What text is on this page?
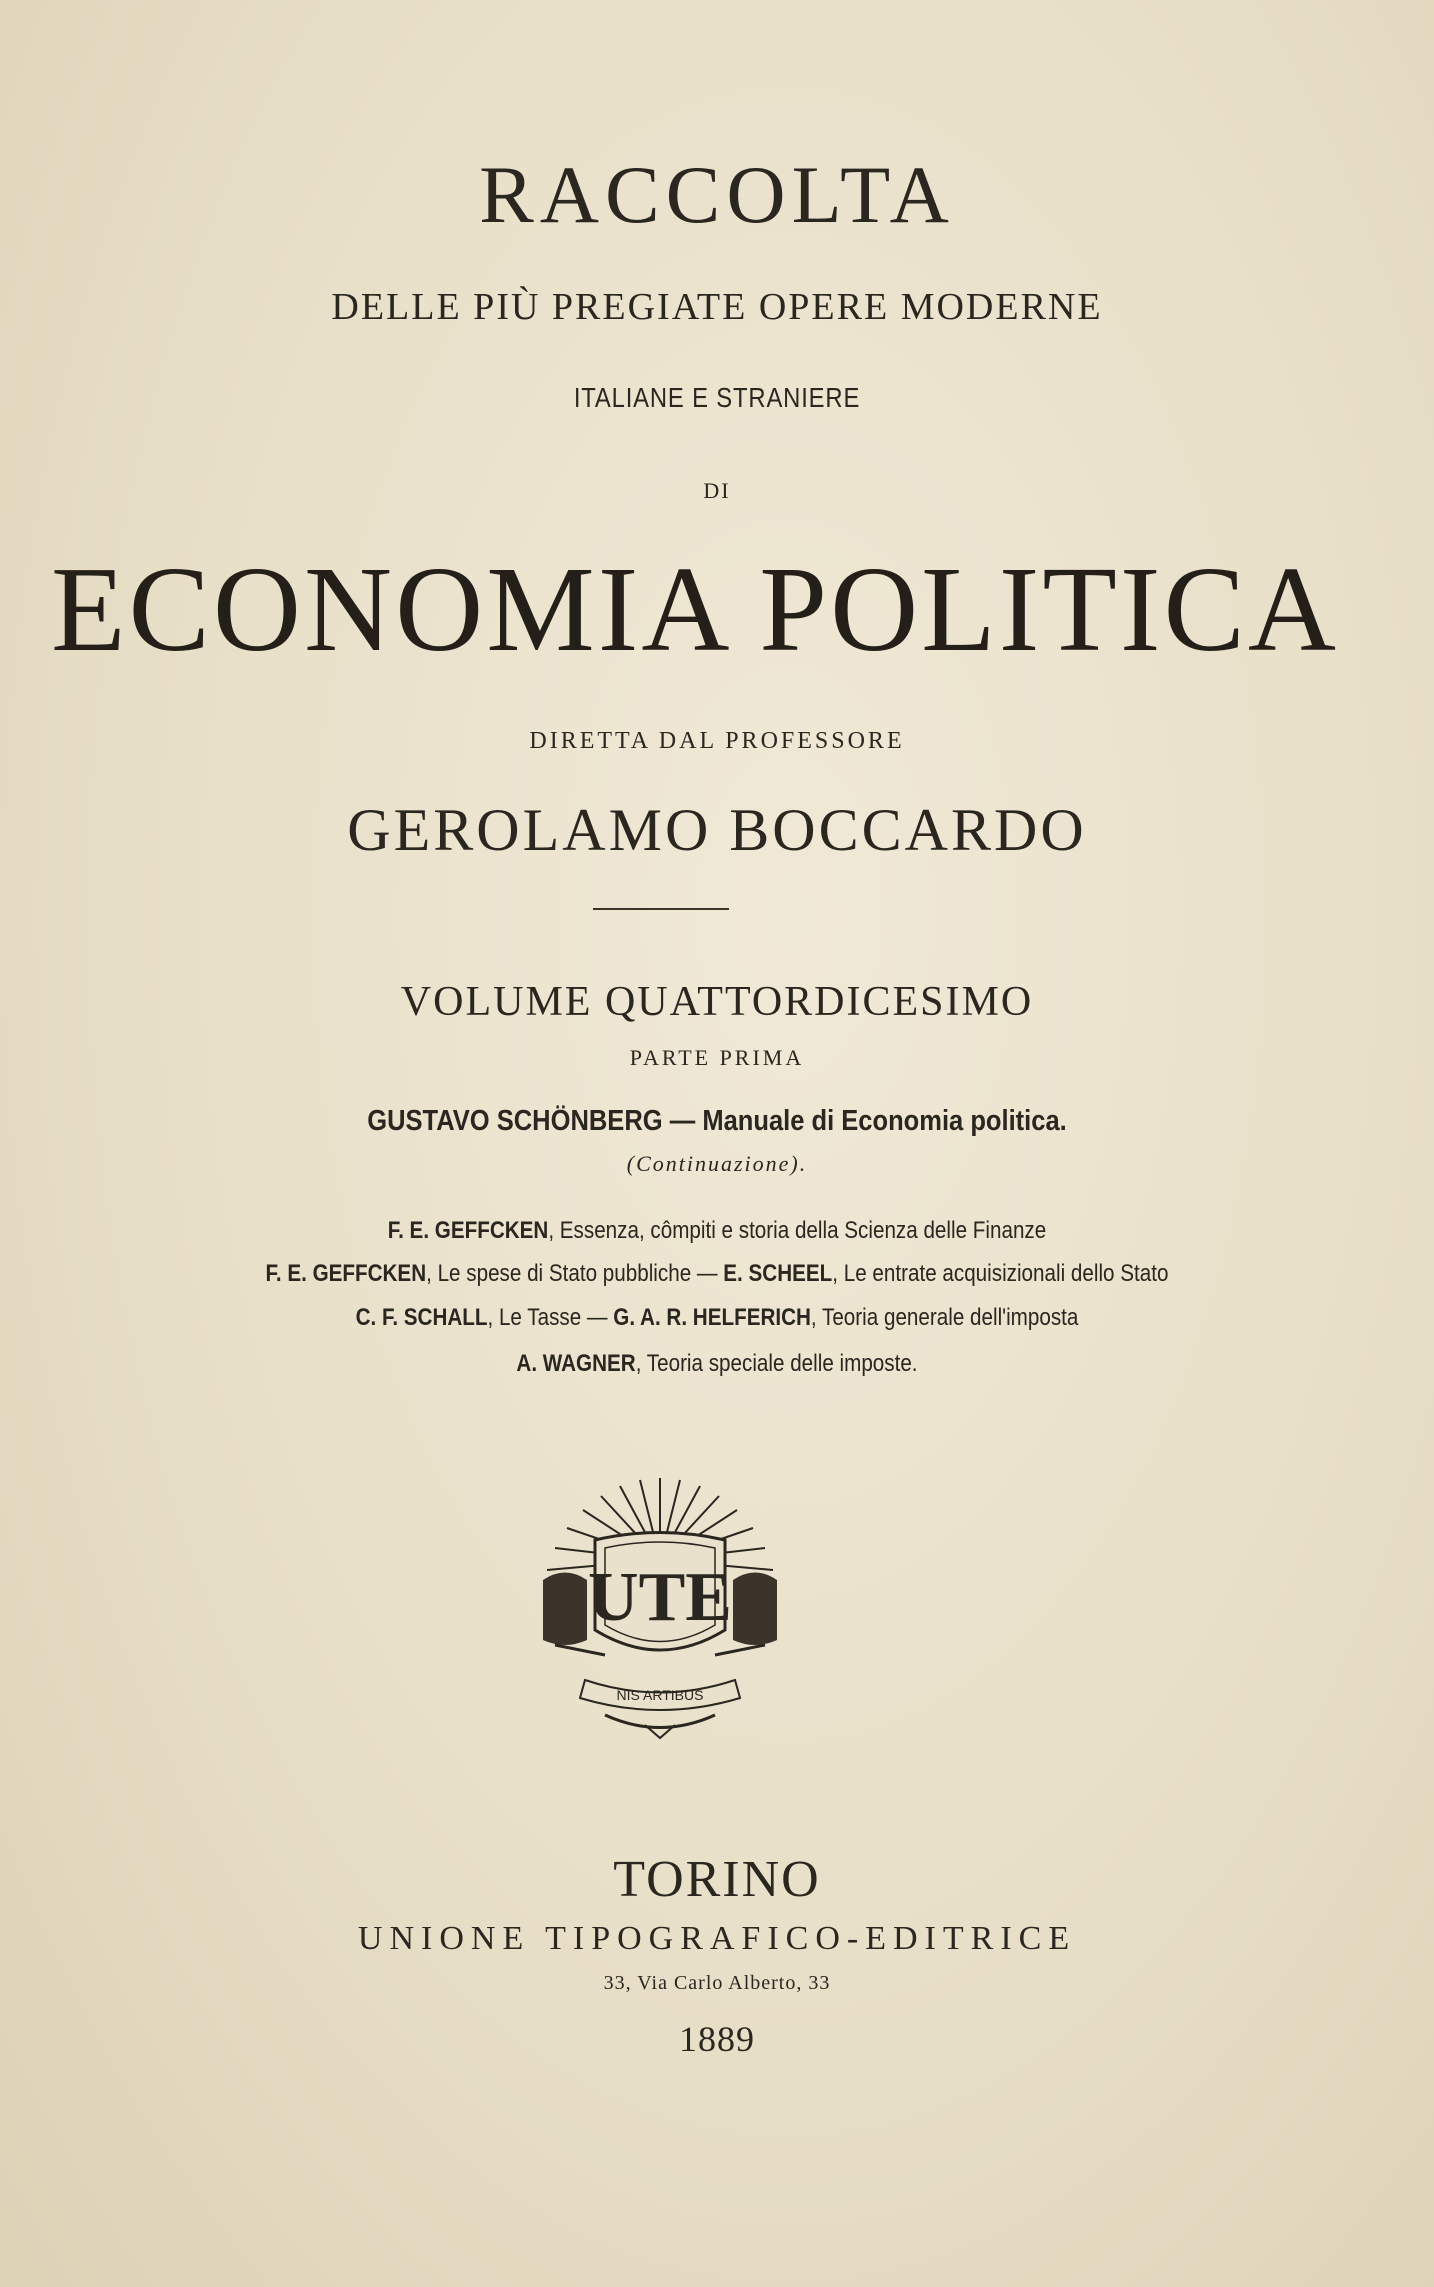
RACCOLTA
DELLE PIÙ PREGIATE OPERE MODERNE
ITALIANE E STRANIERE
DI
ECONOMIA POLITICA
DIRETTA DAL PROFESSORE
GEROLAMO BOCCARDO
VOLUME QUATTORDICESIMO
PARTE PRIMA
GUSTAVO SCHÖNBERG — Manuale di Economia politica.
(Continuazione).
F. E. GEFFCKEN, Essenza, cômpiti e storia della Scienza delle Finanze
F. E. GEFFCKEN, Le spese di Stato pubbliche — E. SCHEEL, Le entrate acquisizionali dello Stato
C. F. SCHALL, Le Tasse — G. A. R. HELFERICH, Teoria generale dell'imposta
A. WAGNER, Teoria speciale delle imposte.
UTE
NIS ARTIBUS
TORINO
UNIONE TIPOGRAFICO-EDITRICE
33, Via Carlo Alberto, 33
1889
